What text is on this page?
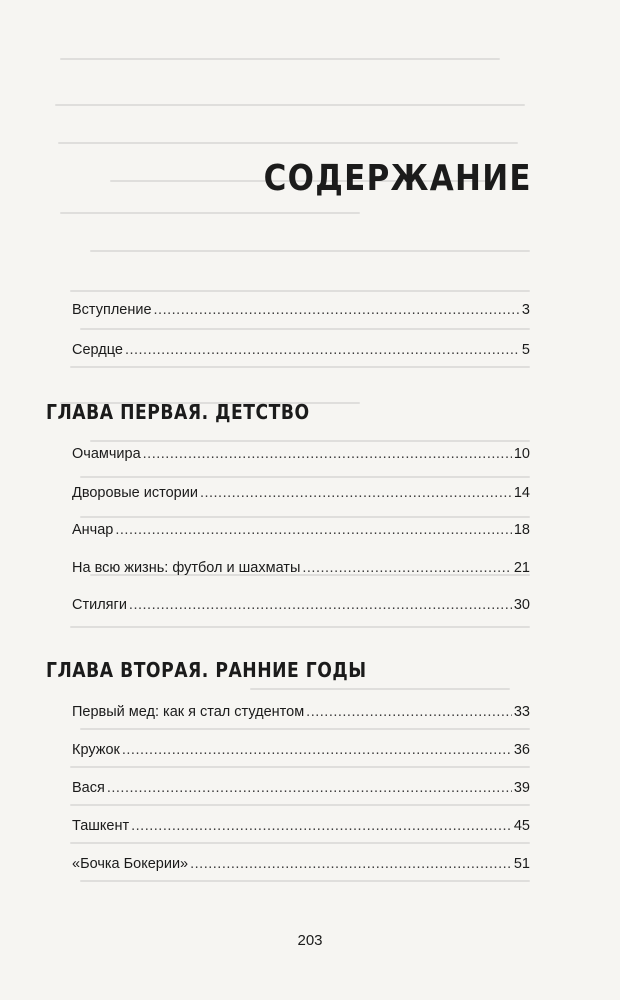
СОДЕРЖАНИЕ
Вступление .....	3
Сердце .....	5
ГЛАВА ПЕРВАЯ. ДЕТСТВО
Очамчира .....	10
Дворовые истории .....	14
Анчар .....	18
На всю жизнь: футбол и шахматы .....	21
Стиляги .....	30
ГЛАВА ВТОРАЯ. РАННИЕ ГОДЫ
Первый мед: как я стал студентом .....	33
Кружок .....	36
Вася .....	39
Ташкент .....	45
«Бочка Бокерии» .....	51
203
